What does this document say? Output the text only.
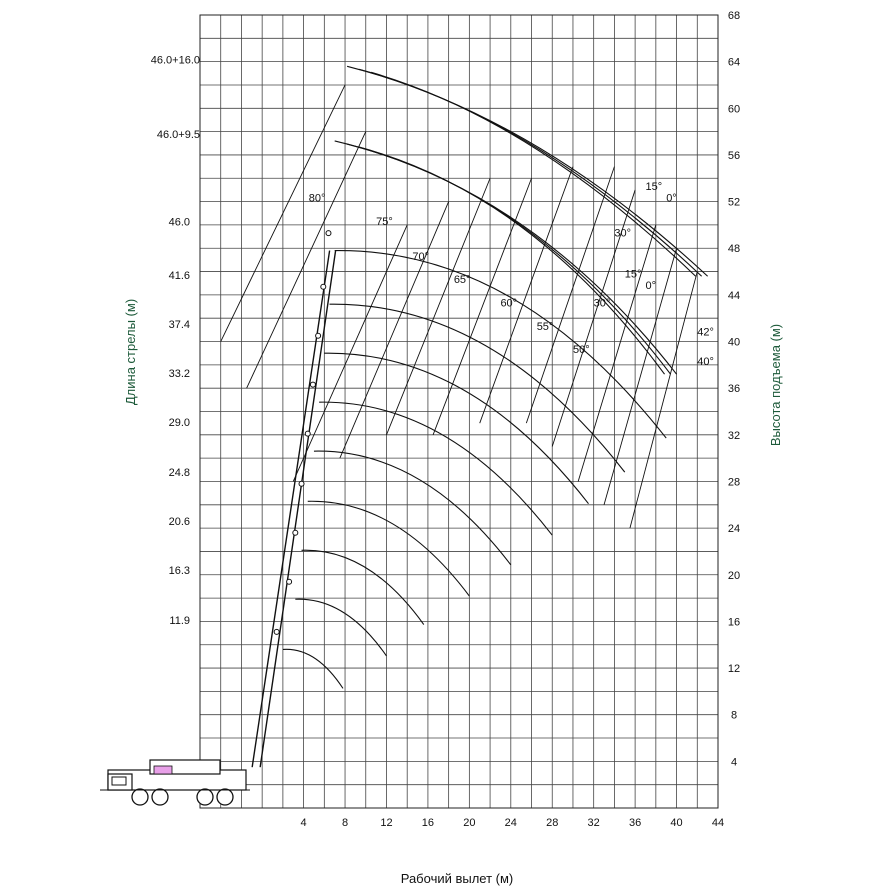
4	8	12	16	20	24	28	32	36	40	44
4
8
12
16
20
24
28
32
36
40
44
48
52
56
60
64
68
11.9
16.3
20.6
24.8
29.0
33.2
37.4
41.6
46.0
46.0+9.5
46.0+16.0
80°
75°
70°
65°
60°
55°
50°
42°
40°
15°
0°
30°
15°
0°
30°
Рабочий вылет (м)
Длина стрелы (м)	Высота подъема (м)
